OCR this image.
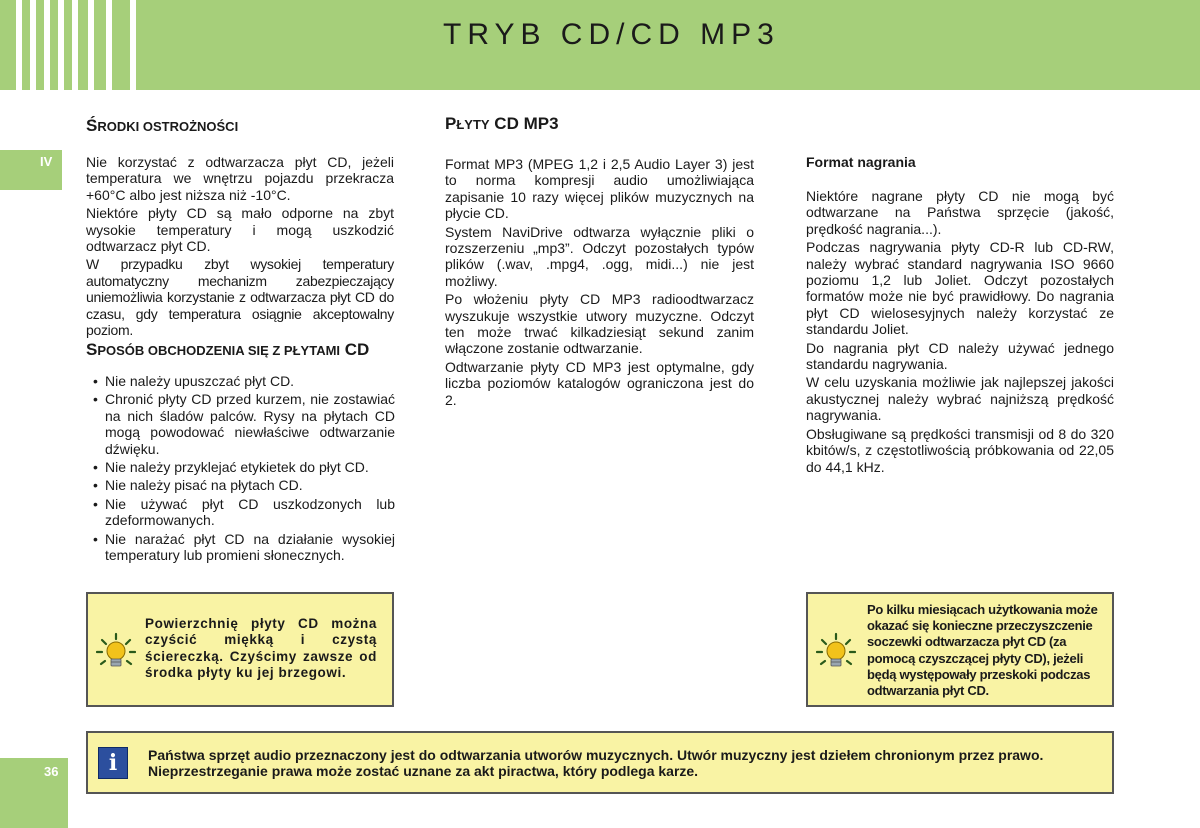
TRYB CD/CD MP3
IV
36
ŚRODKI OSTROŻNOŚCI

Nie korzystać z odtwarzacza płyt CD, jeżeli temperatura we wnętrzu pojazdu przekracza +60°C albo jest niższa niż -10°C.

Niektóre płyty CD są mało odporne na zbyt wysokie temperatury i mogą uszkodzić odtwarzacz płyt CD.

W przypadku zbyt wysokiej temperatury automatyczny mechanizm zabezpieczający uniemożliwia korzystanie z odtwarzacza płyt CD do czasu, gdy temperatura osiągnie akceptowalny poziom.

SPOSÓB OBCHODZENIA SIĘ Z PŁYTAMI CD
• Nie należy upuszczać płyt CD.
• Chronić płyty CD przed kurzem, nie zostawiać na nich śladów palców. Rysy na płytach CD mogą powodować niewłaściwe odtwarzanie dźwięku.
• Nie należy przyklejać etykietek do płyt CD.
• Nie należy pisać na płytach CD.
• Nie używać płyt CD uszkodzonych lub zdeformowanych.
• Nie narażać płyt CD na działanie wysokiej temperatury lub promieni słonecznych.
Powierzchnię płyty CD można czyścić miękką i czystą ściereczką. Czyścimy zawsze od środka płyty ku jej brzegowi.
PŁYTY CD MP3

Format MP3 (MPEG 1,2 i 2,5 Audio Layer 3) jest to norma kompresji audio umożliwiająca zapisanie 10 razy więcej plików muzycznych na płycie CD.

System NaviDrive odtwarza wyłącznie pliki o rozszerzeniu „mp3”. Odczyt pozostałych typów plików (.wav, .mpg4, .ogg, midi...) nie jest możliwy.

Po włożeniu płyty CD MP3 radioodtwarzacz wyszukuje wszystkie utwory muzyczne. Odczyt ten może trwać kilkadziesiąt sekund zanim włączone zostanie odtwarzanie.

Odtwarzanie płyty CD MP3 jest optymalne, gdy liczba poziomów katalogów ograniczona jest do 2.

Format nagrania

Niektóre nagrane płyty CD nie mogą być odtwarzane na Państwa sprzęcie (jakość, prędkość nagrania...).

Podczas nagrywania płyty CD-R lub CD-RW, należy wybrać standard nagrywania ISO 9660 poziomu 1,2 lub Joliet. Odczyt pozostałych formatów może nie być prawidłowy. Do nagrania płyt CD wielosesyjnych należy korzystać ze standardu Joliet.

Do nagrania płyt CD należy używać jednego standardu nagrywania.

W celu uzyskania możliwie jak najlepszej jakości akustycznej należy wybrać najniższą prędkość nagrywania.

Obsługiwane są prędkości transmisji od 8 do 320 kbitów/s, z częstotliwością próbkowania od 22,05 do 44,1 kHz.

Po kilku miesiącach użytkowania może okazać się konieczne przeczyszczenie soczewki odtwarzacza płyt CD (za pomocą czyszczącej płyty CD), jeżeli będą występowały przeskoki podczas odtwarzania płyt CD.
i	Państwa sprzęt audio przeznaczony jest do odtwarzania utworów muzycznych. Utwór muzyczny jest dziełem chronionym przez prawo. Nieprzestrzeganie prawa może zostać uznane za akt piractwa, który podlega karze.
